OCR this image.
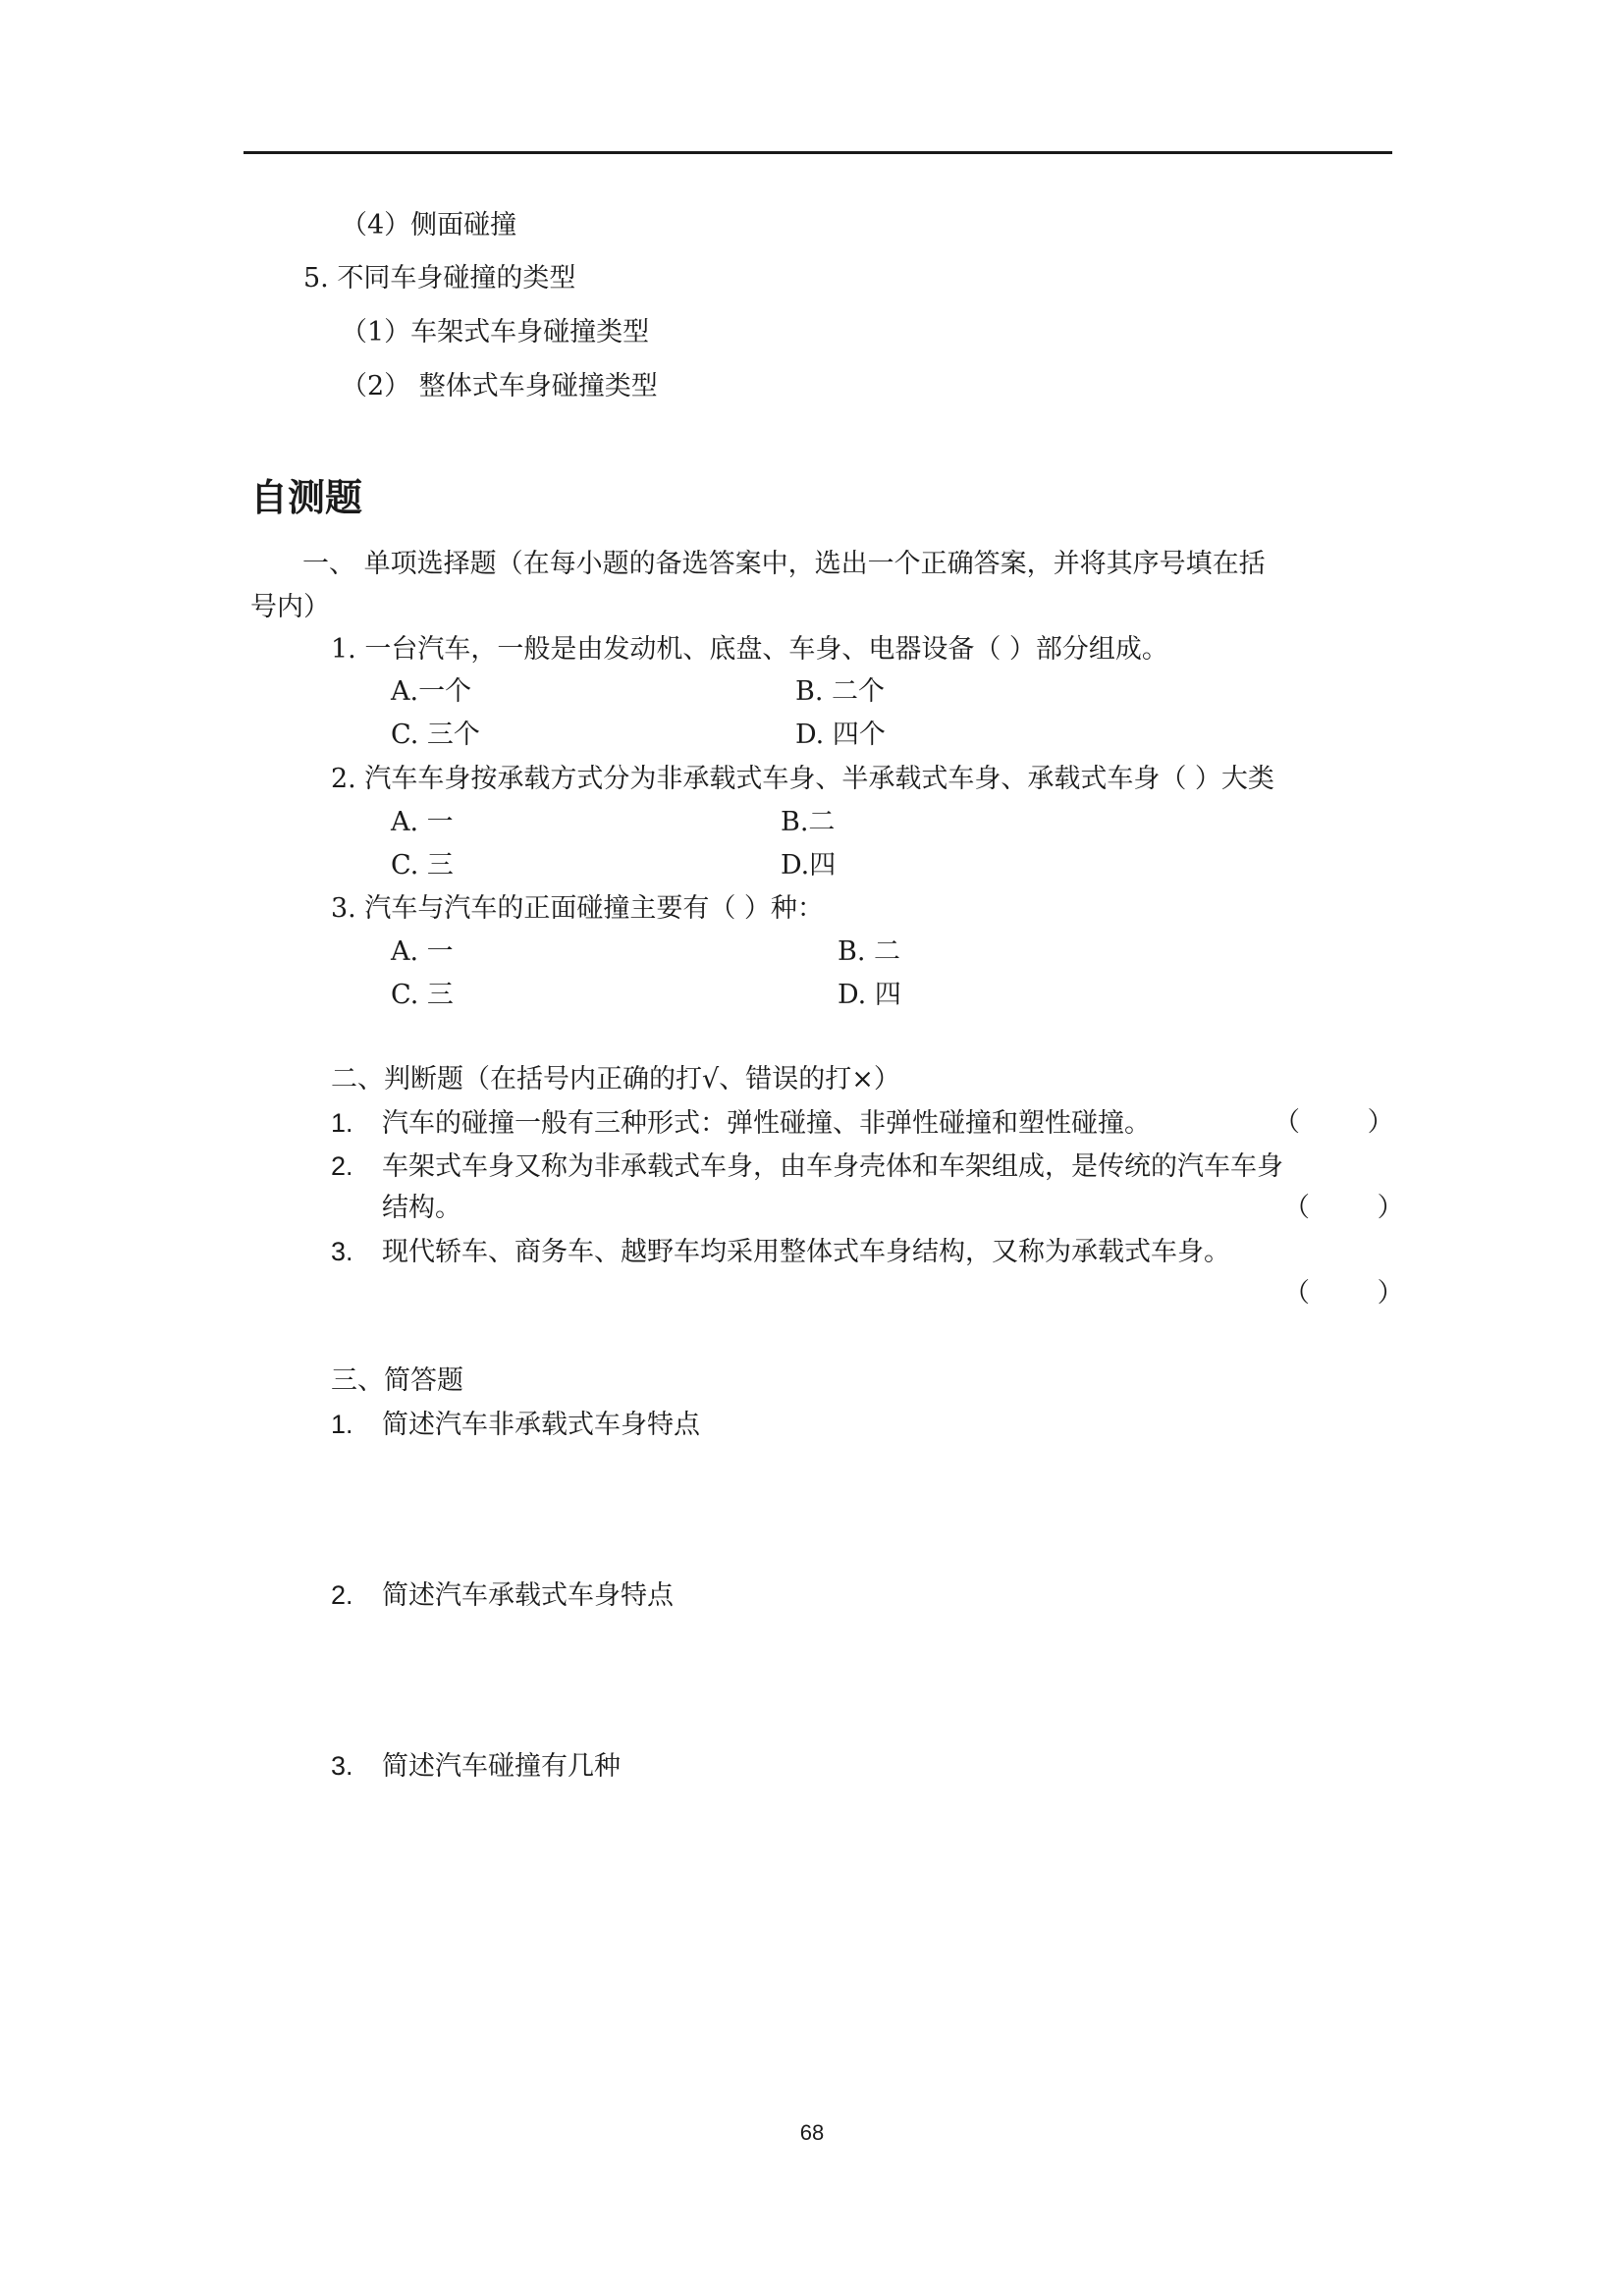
（4）侧面碰撞
5. 不同车身碰撞的类型
（1）车架式车身碰撞类型
（2） 整体式车身碰撞类型
自测题
一、 单项选择题（在每小题的备选答案中，选出一个正确答案，并将其序号填在括
号内）
1. 一台汽车，一般是由发动机、底盘、车身、电器设备（ ）部分组成。
A.一个	B. 二个
C. 三个	D. 四个
2. 汽车车身按承载方式分为非承载式车身、半承载式车身、承载式车身（ ）大类
A. 一	B.二
C. 三	D.四
3. 汽车与汽车的正面碰撞主要有（ ）种：
A. 一	B. 二
C. 三	D. 四
二、判断题（在括号内正确的打√、错误的打×）
1. 汽车的碰撞一般有三种形式：弹性碰撞、非弹性碰撞和塑性碰撞。	（        ）
2. 车架式车身又称为非承载式车身，由车身壳体和车架组成，是传统的汽车车身
结构。	（        ）
3. 现代轿车、商务车、越野车均采用整体式车身结构，又称为承载式车身。
（        ）
三、简答题
1. 简述汽车非承载式车身特点
2. 简述汽车承载式车身特点
3. 简述汽车碰撞有几种
68
